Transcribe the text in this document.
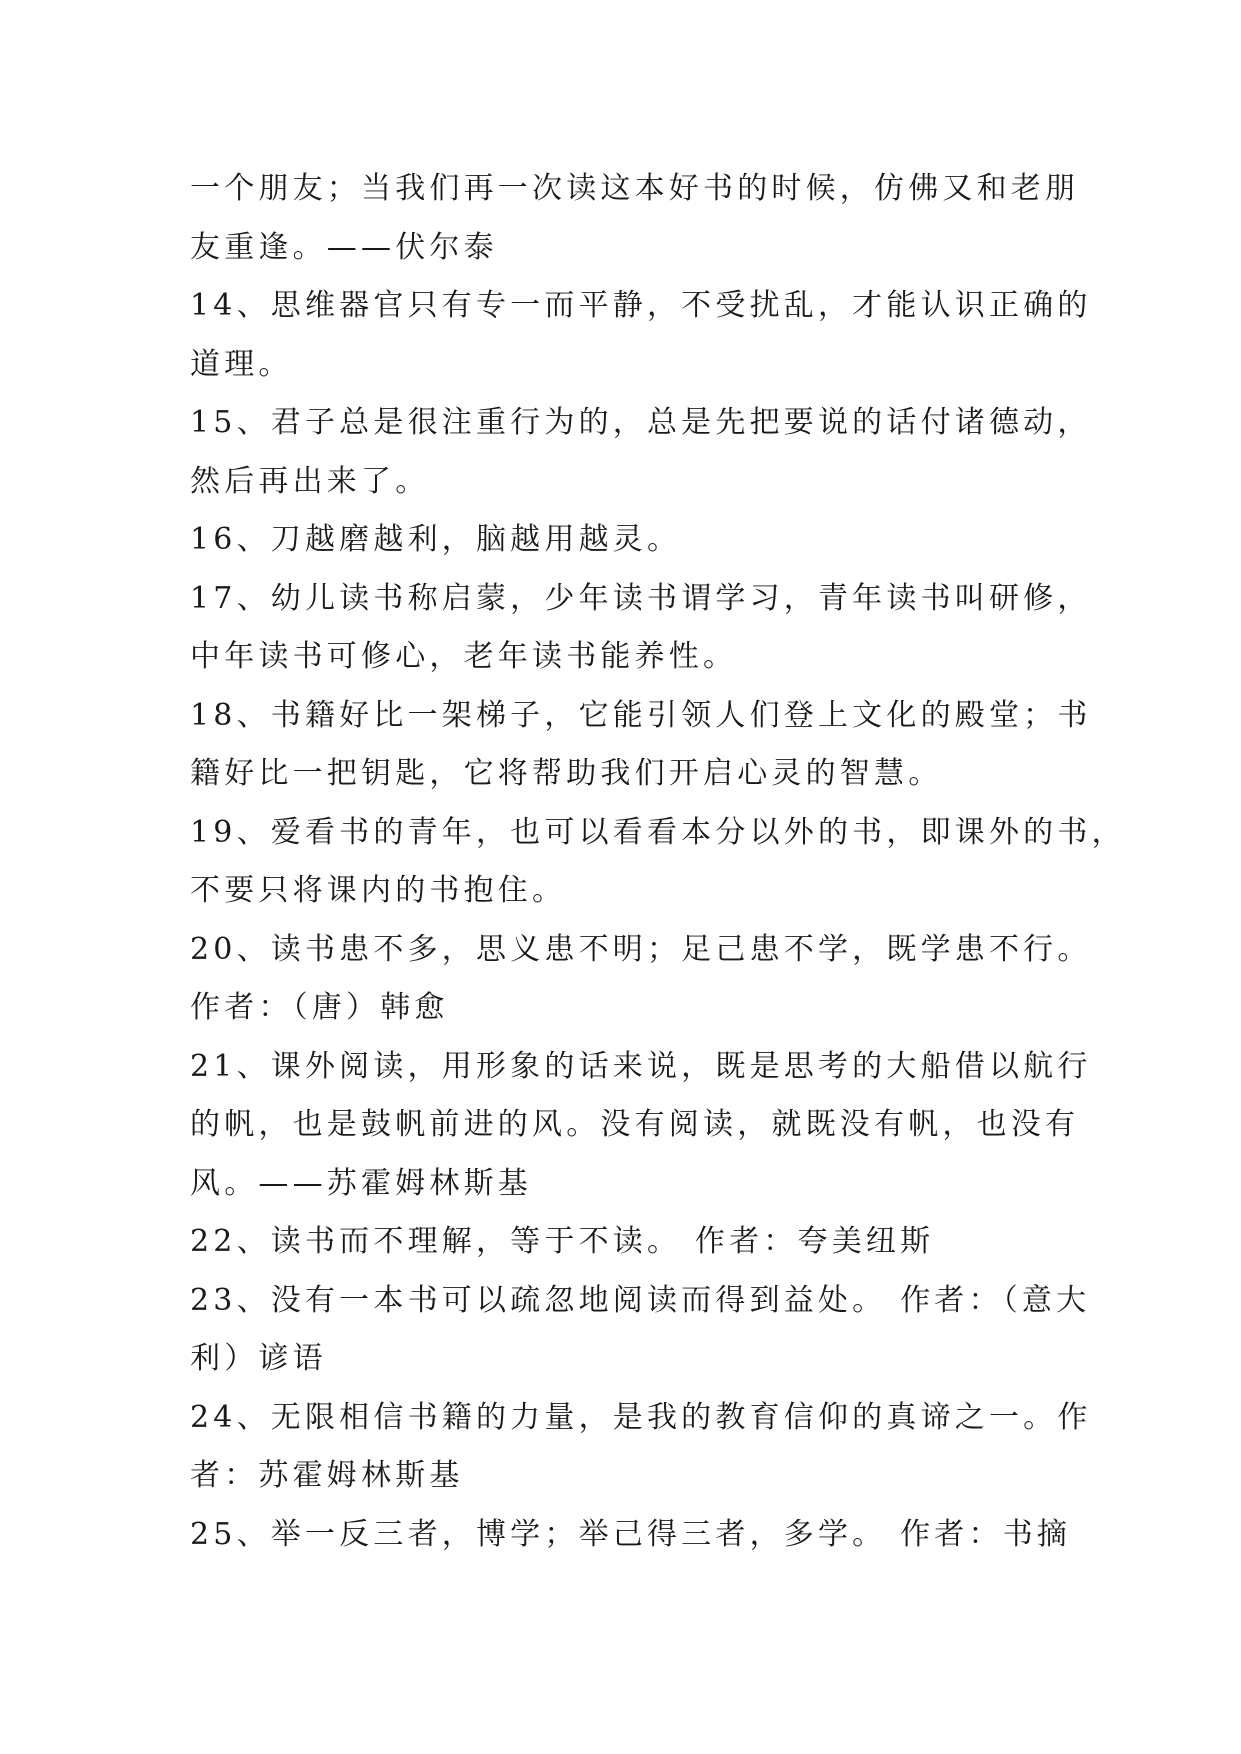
一个朋友；当我们再一次读这本好书的时候，仿佛又和老朋
友重逢。——伏尔泰
14、思维器官只有专一而平静，不受扰乱，才能认识正确的
道理。
15、君子总是很注重行为的，总是先把要说的话付诸德动，
然后再出来了。
16、刀越磨越利，脑越用越灵。
17、幼儿读书称启蒙，少年读书谓学习，青年读书叫研修，
中年读书可修心，老年读书能养性。
18、书籍好比一架梯子，它能引领人们登上文化的殿堂；书
籍好比一把钥匙，它将帮助我们开启心灵的智慧。
19、爱看书的青年，也可以看看本分以外的书，即课外的书，
不要只将课内的书抱住。
20、读书患不多，思义患不明；足己患不学，既学患不行。
作者：（唐）韩愈
21、课外阅读，用形象的话来说，既是思考的大船借以航行
的帆，也是鼓帆前进的风。没有阅读，就既没有帆，也没有
风。——苏霍姆林斯基
22、读书而不理解，等于不读。 作者：夸美纽斯
23、没有一本书可以疏忽地阅读而得到益处。 作者：（意大
利）谚语
24、无限相信书籍的力量，是我的教育信仰的真谛之一。作
者：苏霍姆林斯基
25、举一反三者，博学；举己得三者，多学。 作者：书摘
